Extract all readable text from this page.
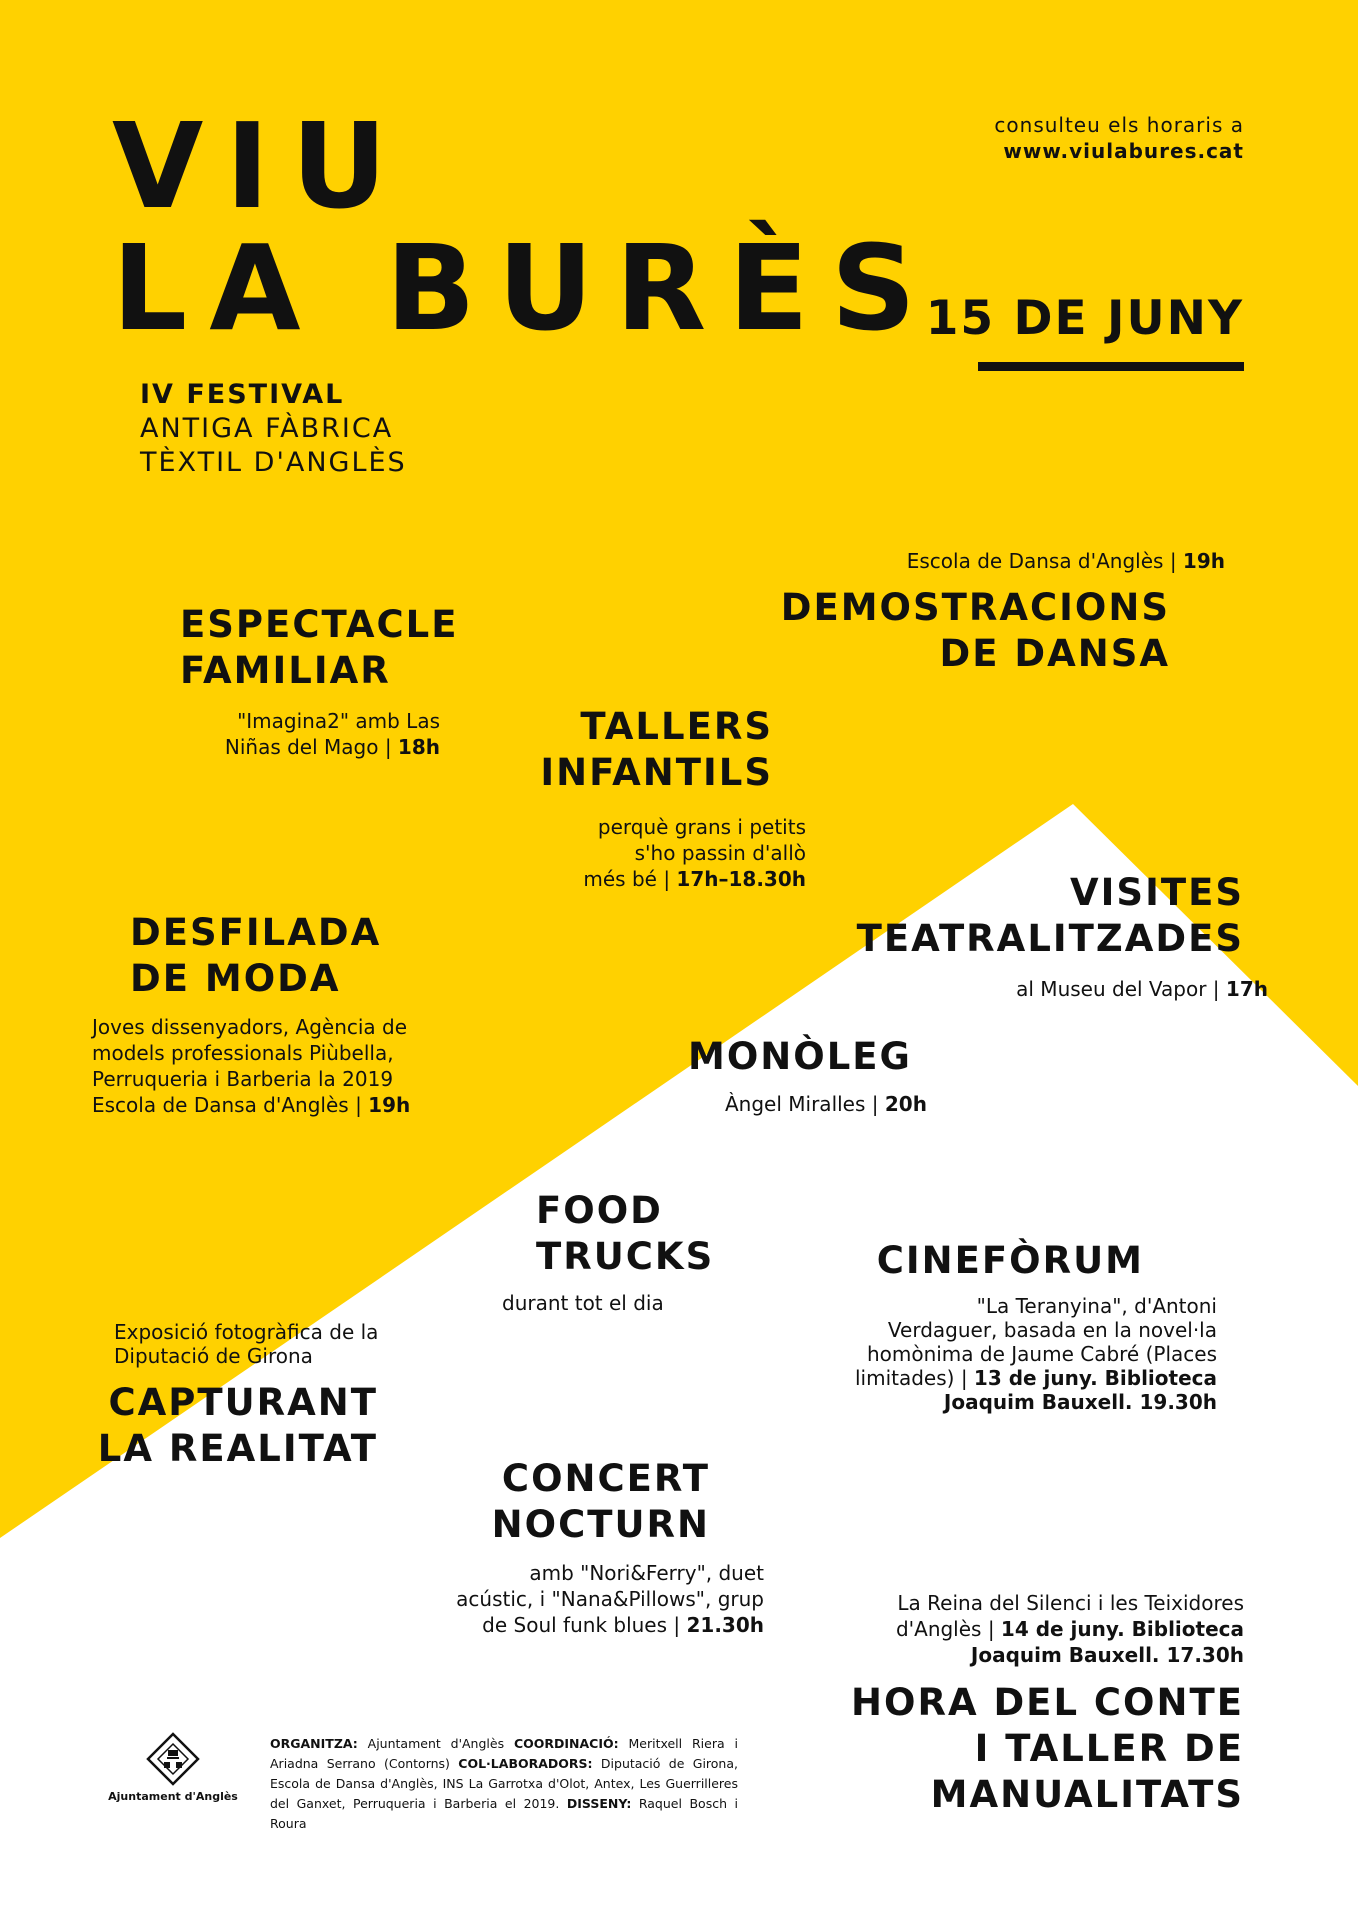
VIU
LA BURÈS
IV FESTIVAL
ANTIGA FÀBRICA
TÈXTIL D'ANGLÈS
consulteu els horaris a
www.viulabures.cat
15 DE JUNY
ESPECTACLE
FAMILIAR
"Imagina2" amb Las
Niñas del Mago | 18h
Escola de Dansa d'Anglès | 19h
DEMOSTRACIONS
DE DANSA
TALLERS
INFANTILS
perquè grans i petits
s'ho passin d'allò
més bé | 17h–18.30h	VISITES
TEATRALITZADES
al Museu del Vapor | 17h
DESFILADA
DE MODA
Joves dissenyadors, Agència de
models professionals Piùbella,
Perruqueria i Barberia la 2019
Escola de Dansa d'Anglès | 19h
MONÒLEG
Àngel Miralles | 20h
FOOD
TRUCKS
durant tot el dia
CINEFÒRUM
"La Teranyina", d'Antoni
Verdaguer, basada en la novel·la
homònima de Jaume Cabré (Places
limitades) | 13 de juny. Biblioteca
Joaquim Bauxell. 19.30h
Exposició fotogràfica de la
Diputació de Girona
CAPTURANT
LA REALITAT
CONCERT
NOCTURN
amb "Nori&Ferry", duet
acústic, i "Nana&Pillows", grup
de Soul funk blues | 21.30h
La Reina del Silenci i les Teixidores
d'Anglès | 14 de juny. Biblioteca
Joaquim Bauxell. 17.30h
HORA DEL CONTE
I TALLER DE
MANUALITATS
Ajuntament d'Anglès
ORGANITZA: Ajuntament d'Anglès COORDINACIÓ: Meritxell Riera i Ariadna Serrano (Contorns) COL·LABORADORS: Diputació de Girona, Escola de Dansa d'Anglès, INS La Garrotxa d'Olot, Antex, Les Guerrilleres del Ganxet, Perruqueria i Barberia el 2019. DISSENY: Raquel Bosch i Roura
